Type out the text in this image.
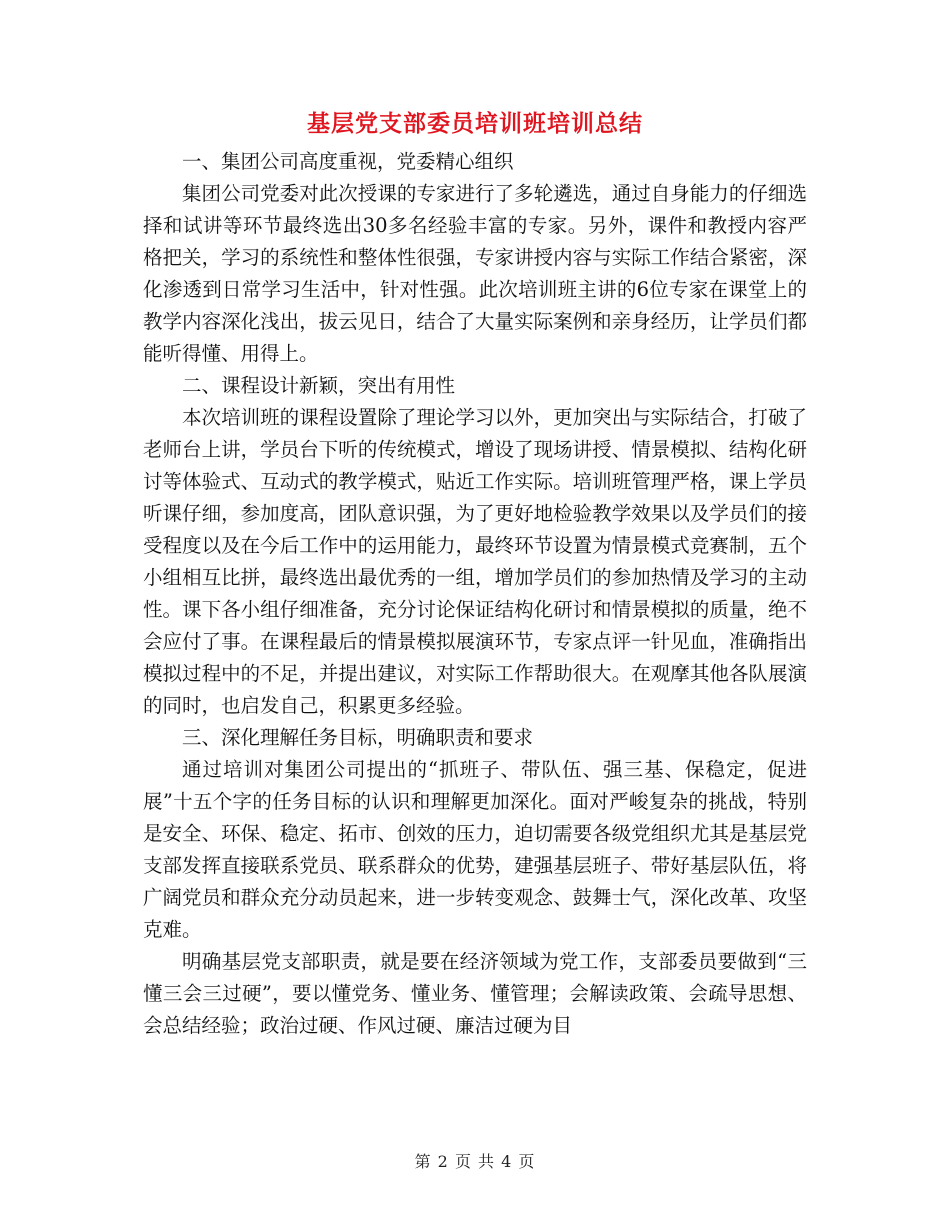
基层党支部委员培训班培训总结

一、集团公司高度重视，党委精心组织

集团公司党委对此次授课的专家进行了多轮遴选，通过自身能力的仔细选择和试讲等环节最终选出30多名经验丰富的专家。另外，课件和教授内容严格把关，学习的系统性和整体性很强，专家讲授内容与实际工作结合紧密，深化渗透到日常学习生活中，针对性强。此次培训班主讲的6位专家在课堂上的教学内容深化浅出，拔云见日，结合了大量实际案例和亲身经历，让学员们都能听得懂、用得上。

二、课程设计新颖，突出有用性

本次培训班的课程设置除了理论学习以外，更加突出与实际结合，打破了老师台上讲，学员台下听的传统模式，增设了现场讲授、情景模拟、结构化研讨等体验式、互动式的教学模式，贴近工作实际。培训班管理严格，课上学员听课仔细，参加度高，团队意识强，为了更好地检验教学效果以及学员们的接受程度以及在今后工作中的运用能力，最终环节设置为情景模式竞赛制，五个小组相互比拼，最终选出最优秀的一组，增加学员们的参加热情及学习的主动性。课下各小组仔细准备，充分讨论保证结构化研讨和情景模拟的质量，绝不会应付了事。在课程最后的情景模拟展演环节，专家点评一针见血，准确指出模拟过程中的不足，并提出建议，对实际工作帮助很大。在观摩其他各队展演的同时，也启发自己，积累更多经验。

三、深化理解任务目标，明确职责和要求

通过培训对集团公司提出的“抓班子、带队伍、强三基、保稳定，促进展”十五个字的任务目标的认识和理解更加深化。面对严峻复杂的挑战，特别是安全、环保、稳定、拓市、创效的压力，迫切需要各级党组织尤其是基层党支部发挥直接联系党员、联系群众的优势，建强基层班子、带好基层队伍，将广阔党员和群众充分动员起来，进一步转变观念、鼓舞士气，深化改革、攻坚克难。

明确基层党支部职责，就是要在经济领域为党工作，支部委员要做到“三懂三会三过硬”，要以懂党务、懂业务、懂管理；会解读政策、会疏导思想、会总结经验；政治过硬、作风过硬、廉洁过硬为目

第 2 页 共 4 页
